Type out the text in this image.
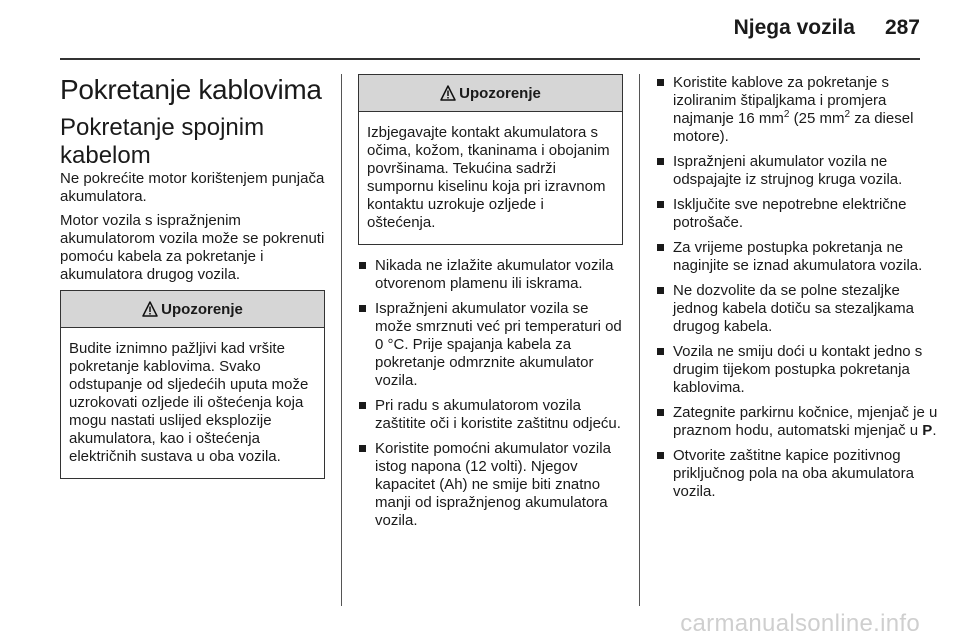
Njega vozila 287
Pokretanje kablovima
Pokretanje spojnim kabelom

Ne pokrećite motor korištenjem punjača akumulatora.

Motor vozila s ispražnjenim akumulatorom vozila može se pokrenuti pomoću kabela za pokretanje i akumulatora drugog vozila.

Upozorenje
Budite iznimno pažljivi kad vršite pokretanje kablovima. Svako odstupanje od sljedećih uputa može uzrokovati ozljede ili oštećenja koja mogu nastati uslijed eksplozije akumulatora, kao i oštećenja električnih sustava u oba vozila.
Upozorenje
Izbjegavajte kontakt akumulatora s očima, kožom, tkaninama i obojanim površinama. Tekućina sadrži sumpornu kiselinu koja pri izravnom kontaktu uzrokuje ozljede i oštećenja.
Nikada ne izlažite akumulator vozila otvorenom plamenu ili iskrama.
Ispražnjeni akumulator vozila se može smrznuti već pri temperaturi od 0 °C. Prije spajanja kabela za pokretanje odmrznite akumulator vozila.
Pri radu s akumulatorom vozila zaštitite oči i koristite zaštitnu odjeću.
Koristite pomoćni akumulator vozila istog napona (12 volti). Njegov kapacitet (Ah) ne smije biti znatno manji od ispražnjenog akumulatora vozila.
Koristite kablove za pokretanje s izoliranim štipaljkama i promjera najmanje 16 $mm^2$ (25 $mm^2$ za diesel motore).
Ispražnjeni akumulator vozila ne odspajajte iz strujnog kruga vozila.
Isključite sve nepotrebne električne potrošače.
Za vrijeme postupka pokretanja ne naginjite se iznad akumulatora vozila.
Ne dozvolite da se polne stezaljke jednog kabela dotiču sa stezaljkama drugog kabela.
Vozila ne smiju doći u kontakt jedno s drugim tijekom postupka pokretanja kablovima.
Zategnite parkirnu kočnice, mjenjač je u praznom hodu, automatski mjenjač u P.
Otvorite zaštitne kapice pozitivnog priključnog pola na oba akumulatora vozila.
carmanualsonline.info
